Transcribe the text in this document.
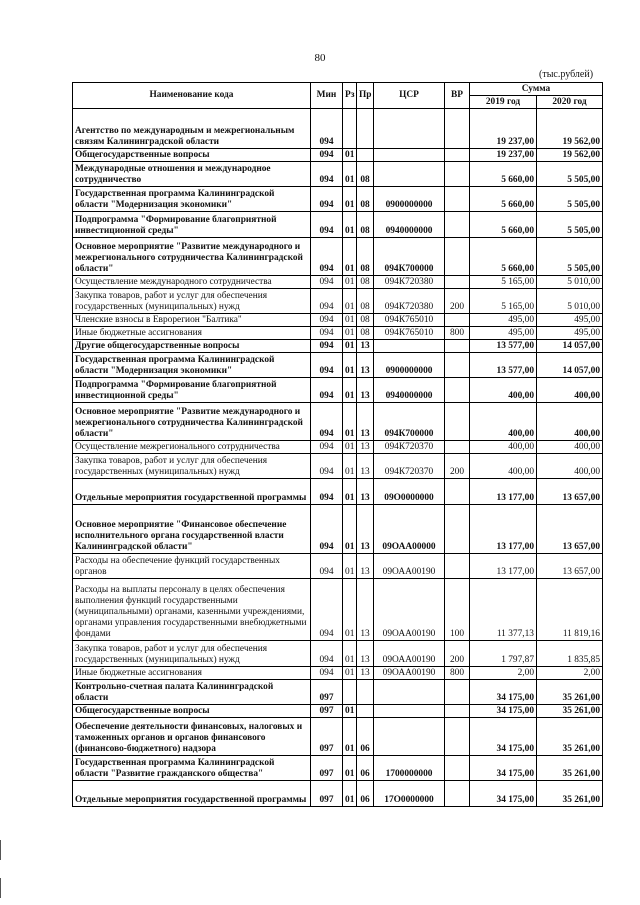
80
(тыс.рублей)
Наименование кода	Мин	Рз	Пр	ЦСР	ВР	Сумма	
						2019 год	2020 год
Агентство по международным и межрегиональным связям Калининградской области	094					19 237,00	19 562,00
Общегосударственные вопросы	094	01				19 237,00	19 562,00
Международные отношения и международное сотрудничество	094	01	08			5 660,00	5 505,00
Государственная программа Калининградской области "Модернизация экономики"	094	01	08	0900000000		5 660,00	5 505,00
Подпрограмма "Формирование благоприятной инвестиционной среды"	094	01	08	0940000000		5 660,00	5 505,00
Основное мероприятие "Развитие международного и межрегионального сотрудничества Калининградской области"	094	01	08	094К700000		5 660,00	5 505,00
Осуществление международного сотрудничества	094	01	08	094К720380		5 165,00	5 010,00
Закупка товаров, работ и услуг для обеспечения государственных (муниципальных) нужд	094	01	08	094К720380	200	5 165,00	5 010,00
Членские взносы в Еврорегион "Балтика"	094	01	08	094К765010		495,00	495,00
Иные бюджетные ассигнования	094	01	08	094К765010	800	495,00	495,00
Другие общегосударственные вопросы	094	01	13			13 577,00	14 057,00
Государственная программа Калининградской области "Модернизация экономики"	094	01	13	0900000000		13 577,00	14 057,00
Подпрограмма "Формирование благоприятной инвестиционной среды"	094	01	13	0940000000		400,00	400,00
Основное мероприятие "Развитие международного и межрегионального сотрудничества Калининградской области"	094	01	13	094К700000		400,00	400,00
Осуществление межрегионального сотрудничества	094	01	13	094К720370		400,00	400,00
Закупка товаров, работ и услуг для обеспечения государственных (муниципальных) нужд	094	01	13	094К720370	200	400,00	400,00
Отдельные мероприятия государственной программы	094	01	13	09О0000000		13 177,00	13 657,00
Основное мероприятие "Финансовое обеспечение исполнительного органа государственной власти Калининградской области"	094	01	13	09ОАА00000		13 177,00	13 657,00
Расходы на обеспечение функций государственных органов	094	01	13	09ОАА00190		13 177,00	13 657,00
Расходы на выплаты персоналу в целях обеспечения выполнения функций государственными (муниципальными) органами, казенными учреждениями, органами управления государственными внебюджетными фондами	094	01	13	09ОАА00190	100	11 377,13	11 819,16
Закупка товаров, работ и услуг для обеспечения государственных (муниципальных) нужд	094	01	13	09ОАА00190	200	1 797,87	1 835,85
Иные бюджетные ассигнования	094	01	13	09ОАА00190	800	2,00	2,00
Контрольно-счетная палата Калининградской области	097					34 175,00	35 261,00
Общегосударственные вопросы	097	01				34 175,00	35 261,00
Обеспечение деятельности финансовых, налоговых и таможенных органов и органов финансового (финансово-бюджетного) надзора	097	01	06			34 175,00	35 261,00
Государственная программа Калининградской области "Развитие гражданского общества"	097	01	06	1700000000		34 175,00	35 261,00
Отдельные мероприятия государственной программы	097	01	06	17О0000000		34 175,00	35 261,00
